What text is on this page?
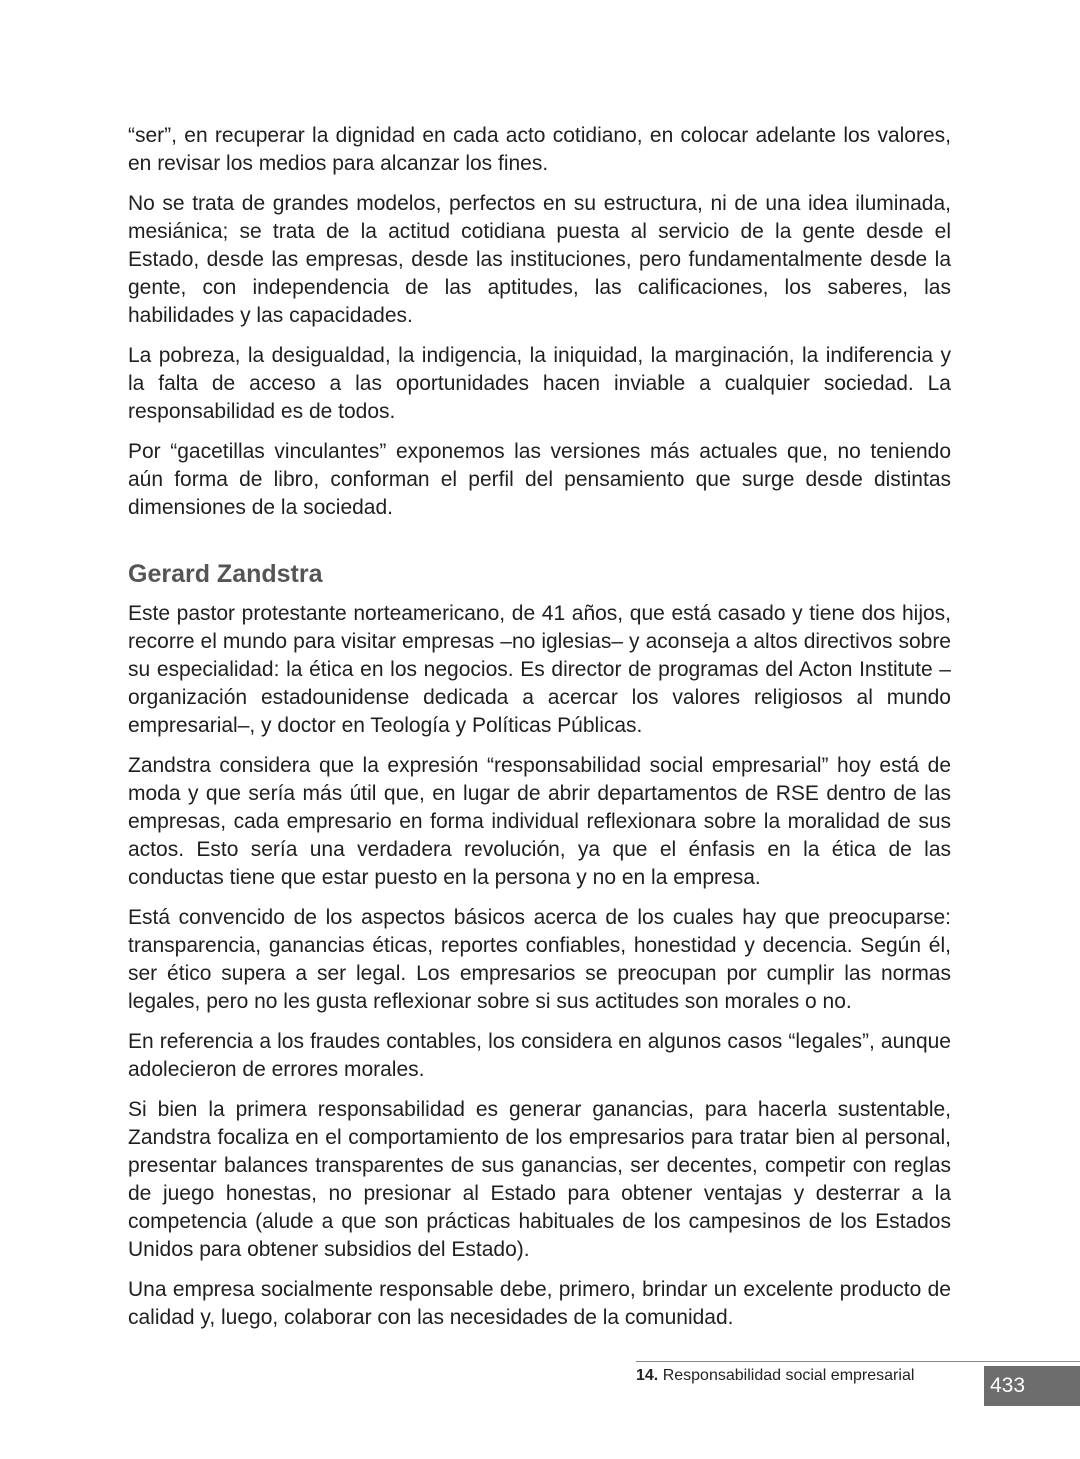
“ser”, en recuperar la dignidad en cada acto cotidiano, en colocar adelante los valores, en revisar los medios para alcanzar los fines.

No se trata de grandes modelos, perfectos en su estructura, ni de una idea iluminada, mesiánica; se trata de la actitud cotidiana puesta al servicio de la gente desde el Estado, desde las empresas, desde las instituciones, pero fundamentalmente desde la gente, con independencia de las aptitudes, las calificaciones, los saberes, las habilidades y las capacidades.

La pobreza, la desigualdad, la indigencia, la iniquidad, la marginación, la indiferencia y la falta de acceso a las oportunidades hacen inviable a cualquier sociedad. La responsabilidad es de todos.

Por “gacetillas vinculantes” exponemos las versiones más actuales que, no teniendo aún forma de libro, conforman el perfil del pensamiento que surge desde distintas dimensiones de la sociedad.

Gerard Zandstra

Este pastor protestante norteamericano, de 41 años, que está casado y tiene dos hijos, recorre el mundo para visitar empresas –no iglesias– y aconseja a altos directivos sobre su especialidad: la ética en los negocios. Es director de programas del Acton Institute –organización estadounidense dedicada a acercar los valores religiosos al mundo empresarial–, y doctor en Teología y Políticas Públicas.

Zandstra considera que la expresión “responsabilidad social empresarial” hoy está de moda y que sería más útil que, en lugar de abrir departamentos de RSE dentro de las empresas, cada empresario en forma individual reflexionara sobre la moralidad de sus actos. Esto sería una verdadera revolución, ya que el énfasis en la ética de las conductas tiene que estar puesto en la persona y no en la empresa.

Está convencido de los aspectos básicos acerca de los cuales hay que preocuparse: transparencia, ganancias éticas, reportes confiables, honestidad y decencia. Según él, ser ético supera a ser legal. Los empresarios se preocupan por cumplir las normas legales, pero no les gusta reflexionar sobre si sus actitudes son morales o no.

En referencia a los fraudes contables, los considera en algunos casos “legales”, aunque adolecieron de errores morales.

Si bien la primera responsabilidad es generar ganancias, para hacerla sustentable, Zandstra focaliza en el comportamiento de los empresarios para tratar bien al personal, presentar balances transparentes de sus ganancias, ser decentes, competir con reglas de juego honestas, no presionar al Estado para obtener ventajas y desterrar a la competencia (alude a que son prácticas habituales de los campesinos de los Estados Unidos para obtener subsidios del Estado).

Una empresa socialmente responsable debe, primero, brindar un excelente producto de calidad y, luego, colaborar con las necesidades de la comunidad.

14. Responsabilidad social empresarial	433
